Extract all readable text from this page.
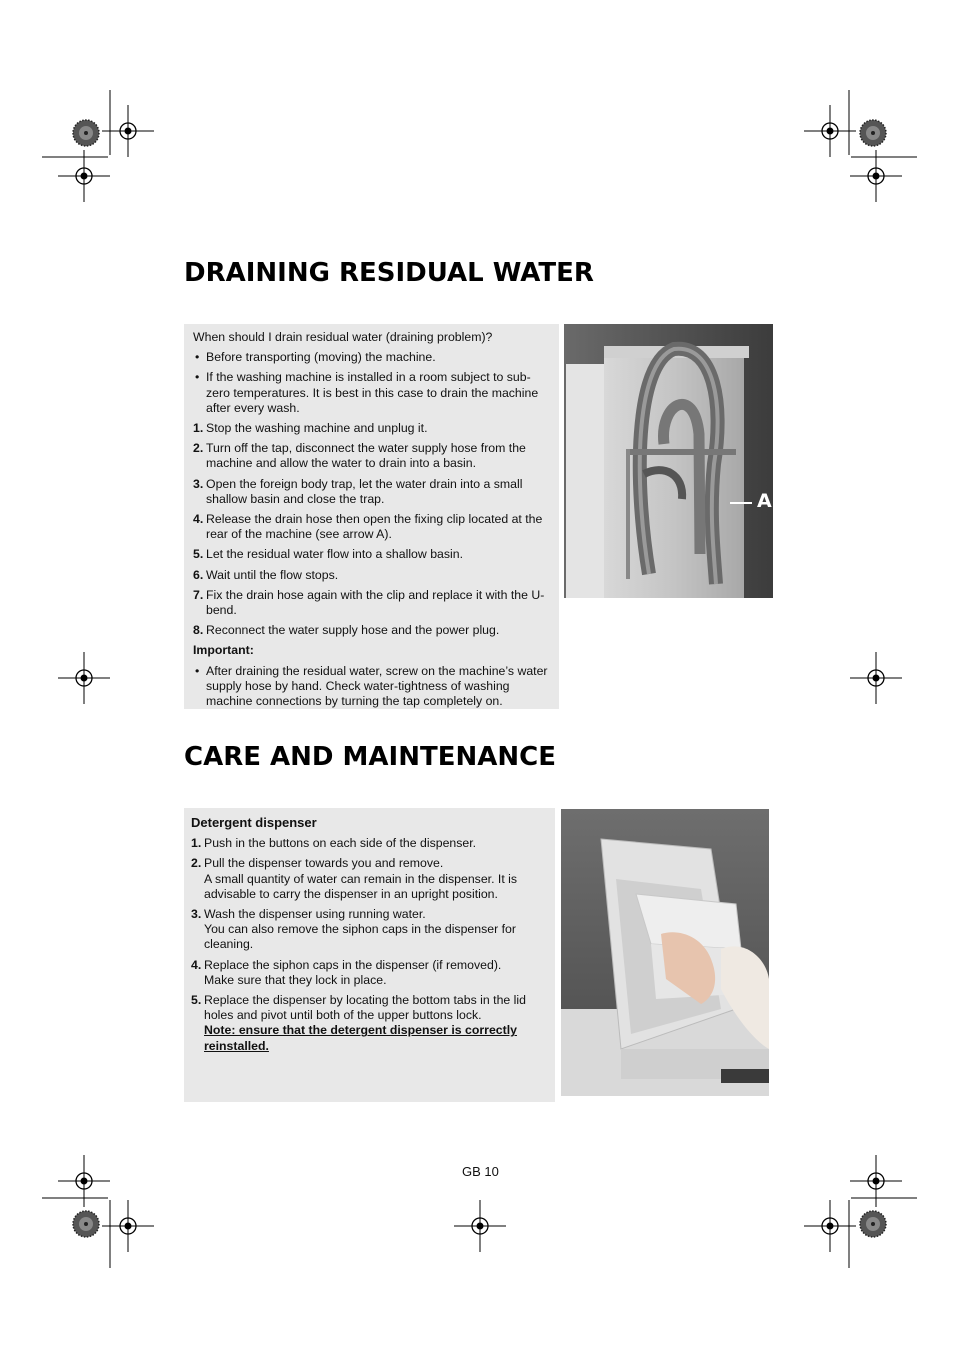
DRAINING RESIDUAL WATER

When should I drain residual water (draining problem)?

• Before transporting (moving) the machine.
• If the washing machine is installed in a room subject to sub-zero temperatures. It is best in this case to drain the machine after every wash.
1. Stop the washing machine and unplug it.
2. Turn off the tap, disconnect the water supply hose from the machine and allow the water to drain into a basin.
3. Open the foreign body trap, let the water drain into a small shallow basin and close the trap.
4. Release the drain hose then open the fixing clip located at the rear of the machine (see arrow A).
5. Let the residual water flow into a shallow basin.
6. Wait until the flow stops.
7. Fix the drain hose again with the clip and replace it with the U-bend.
8. Reconnect the water supply hose and the power plug.

Important:

• After draining the residual water, screw on the machine’s water supply hose by hand. Check water-tightness of washing machine connections by turning the tap completely on.
A
CARE AND MAINTENANCE

Detergent dispenser

1. Push in the buttons on each side of the dispenser.
2. Pull the dispenser towards you and remove.
A small quantity of water can remain in the dispenser. It is advisable to carry the dispenser in an upright position.
3. Wash the dispenser using running water.
You can also remove the siphon caps in the dispenser for cleaning.
4. Replace the siphon caps in the dispenser (if removed).
Make sure that they lock in place.
5. Replace the dispenser by locating the bottom tabs in the lid holes and pivot until both of the upper buttons lock.
Note: ensure that the detergent dispenser is correctly reinstalled.
GB 10
